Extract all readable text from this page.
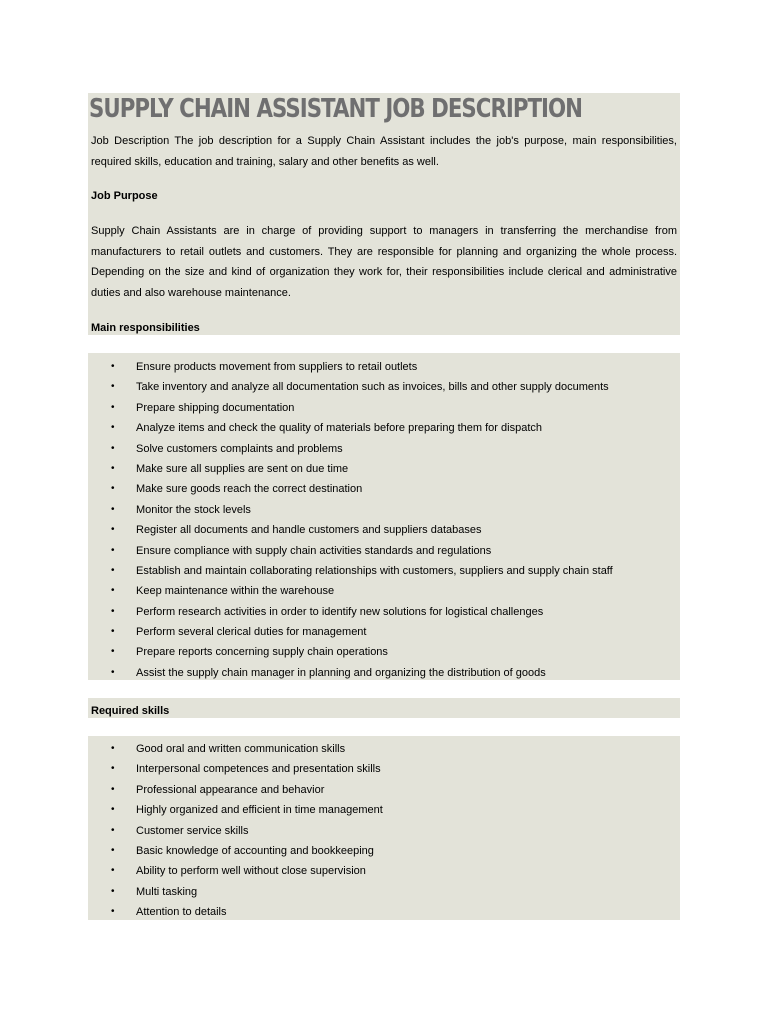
SUPPLY CHAIN ASSISTANT JOB DESCRIPTION
Job Description The job description for a Supply Chain Assistant includes the job's purpose, main responsibilities, required skills, education and training, salary and other benefits as well.
Job Purpose
Supply Chain Assistants are in charge of providing support to managers in transferring the merchandise from manufacturers to retail outlets and customers. They are responsible for planning and organizing the whole process. Depending on the size and kind of organization they work for, their responsibilities include clerical and administrative duties and also warehouse maintenance.
Main responsibilities
• Ensure products movement from suppliers to retail outlets
• Take inventory and analyze all documentation such as invoices, bills and other supply documents
• Prepare shipping documentation
• Analyze items and check the quality of materials before preparing them for dispatch
• Solve customers complaints and problems
• Make sure all supplies are sent on due time
• Make sure goods reach the correct destination
• Monitor the stock levels
• Register all documents and handle customers and suppliers databases
• Ensure compliance with supply chain activities standards and regulations
• Establish and maintain collaborating relationships with customers, suppliers and supply chain staff
• Keep maintenance within the warehouse
• Perform research activities in order to identify new solutions for logistical challenges
• Perform several clerical duties for management
• Prepare reports concerning supply chain operations
• Assist the supply chain manager in planning and organizing the distribution of goods
Required skills
• Good oral and written communication skills
• Interpersonal competences and presentation skills
• Professional appearance and behavior
• Highly organized and efficient in time management
• Customer service skills
• Basic knowledge of accounting and bookkeeping
• Ability to perform well without close supervision
• Multi tasking
• Attention to details
